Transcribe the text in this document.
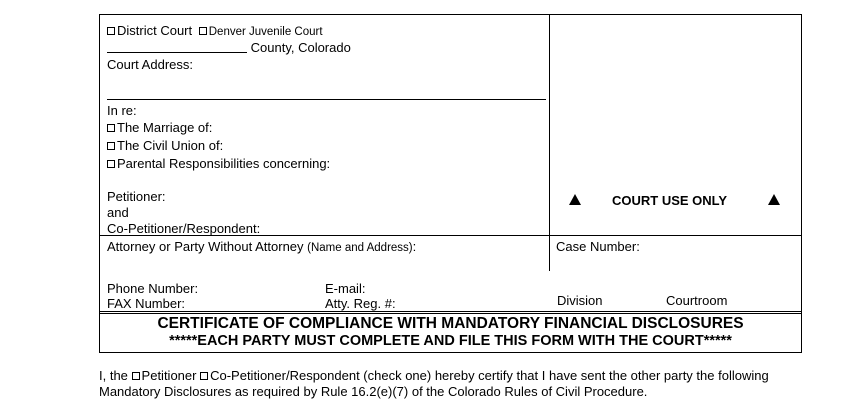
District Court Denver Juvenile Court
County, Colorado
Court Address:
In re:
The Marriage of:
The Civil Union of:
Parental Responsibilities concerning:
Petitioner:
and
Co-Petitioner/Respondent:
COURT USE ONLY
Attorney or Party Without Attorney (Name and Address):	Case Number:
Phone Number:
FAX Number:
E-mail:
Atty. Reg. #:	Division	Courtroom
CERTIFICATE OF COMPLIANCE WITH MANDATORY FINANCIAL DISCLOSURES
*****EACH PARTY MUST COMPLETE AND FILE THIS FORM WITH THE COURT*****
I, the Petitioner Co-Petitioner/Respondent (check one) hereby certify that I have sent the other party the following
Mandatory Disclosures as required by Rule 16.2(e)(7) of the Colorado Rules of Civil Procedure.
